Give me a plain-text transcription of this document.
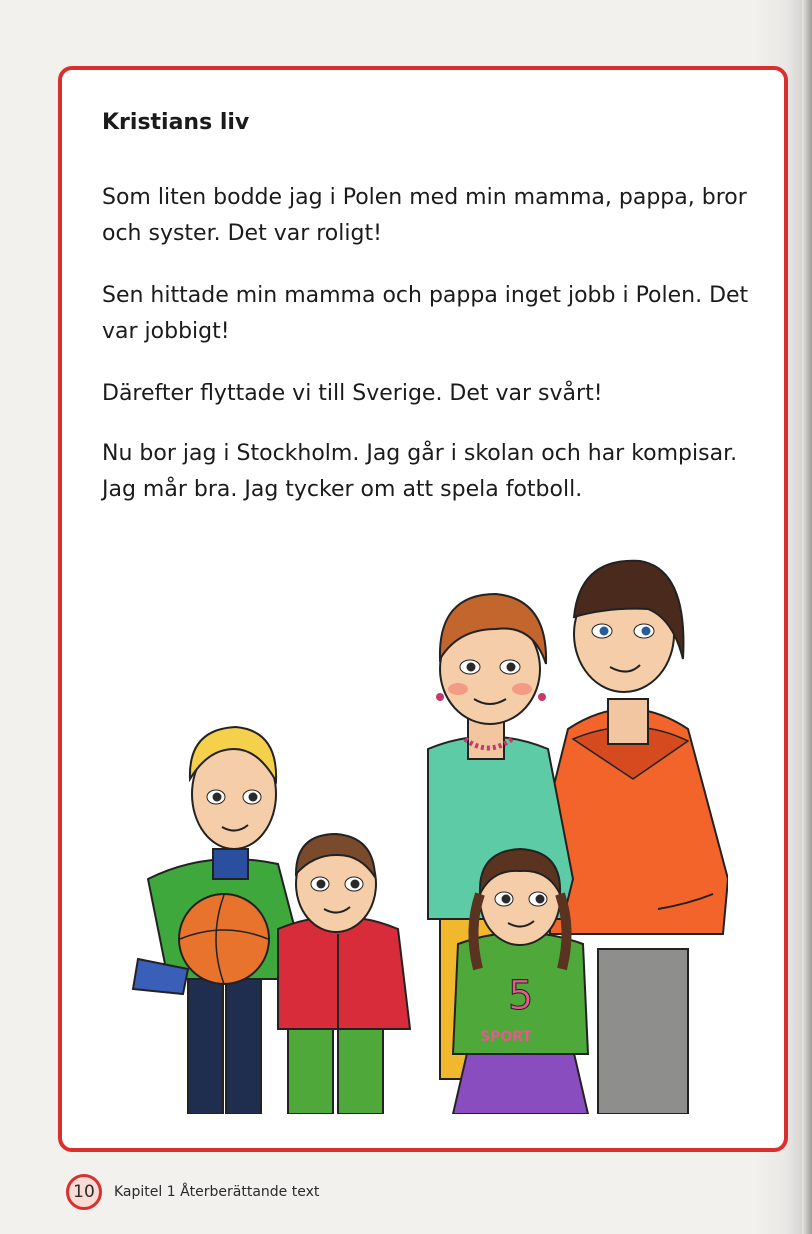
Kristians liv

Som liten bodde jag i Polen med min mamma, pappa, bror och syster. Det var roligt!

Sen hittade min mamma och pappa inget jobb i Polen. Det var jobbigt!

Därefter flyttade vi till Sverige. Det var svårt!

Nu bor jag i Stockholm. Jag går i skolan och har kompisar. Jag mår bra. Jag tycker om att spela fotboll.

5
SPORT
10	Kapitel 1 Återberättande text
